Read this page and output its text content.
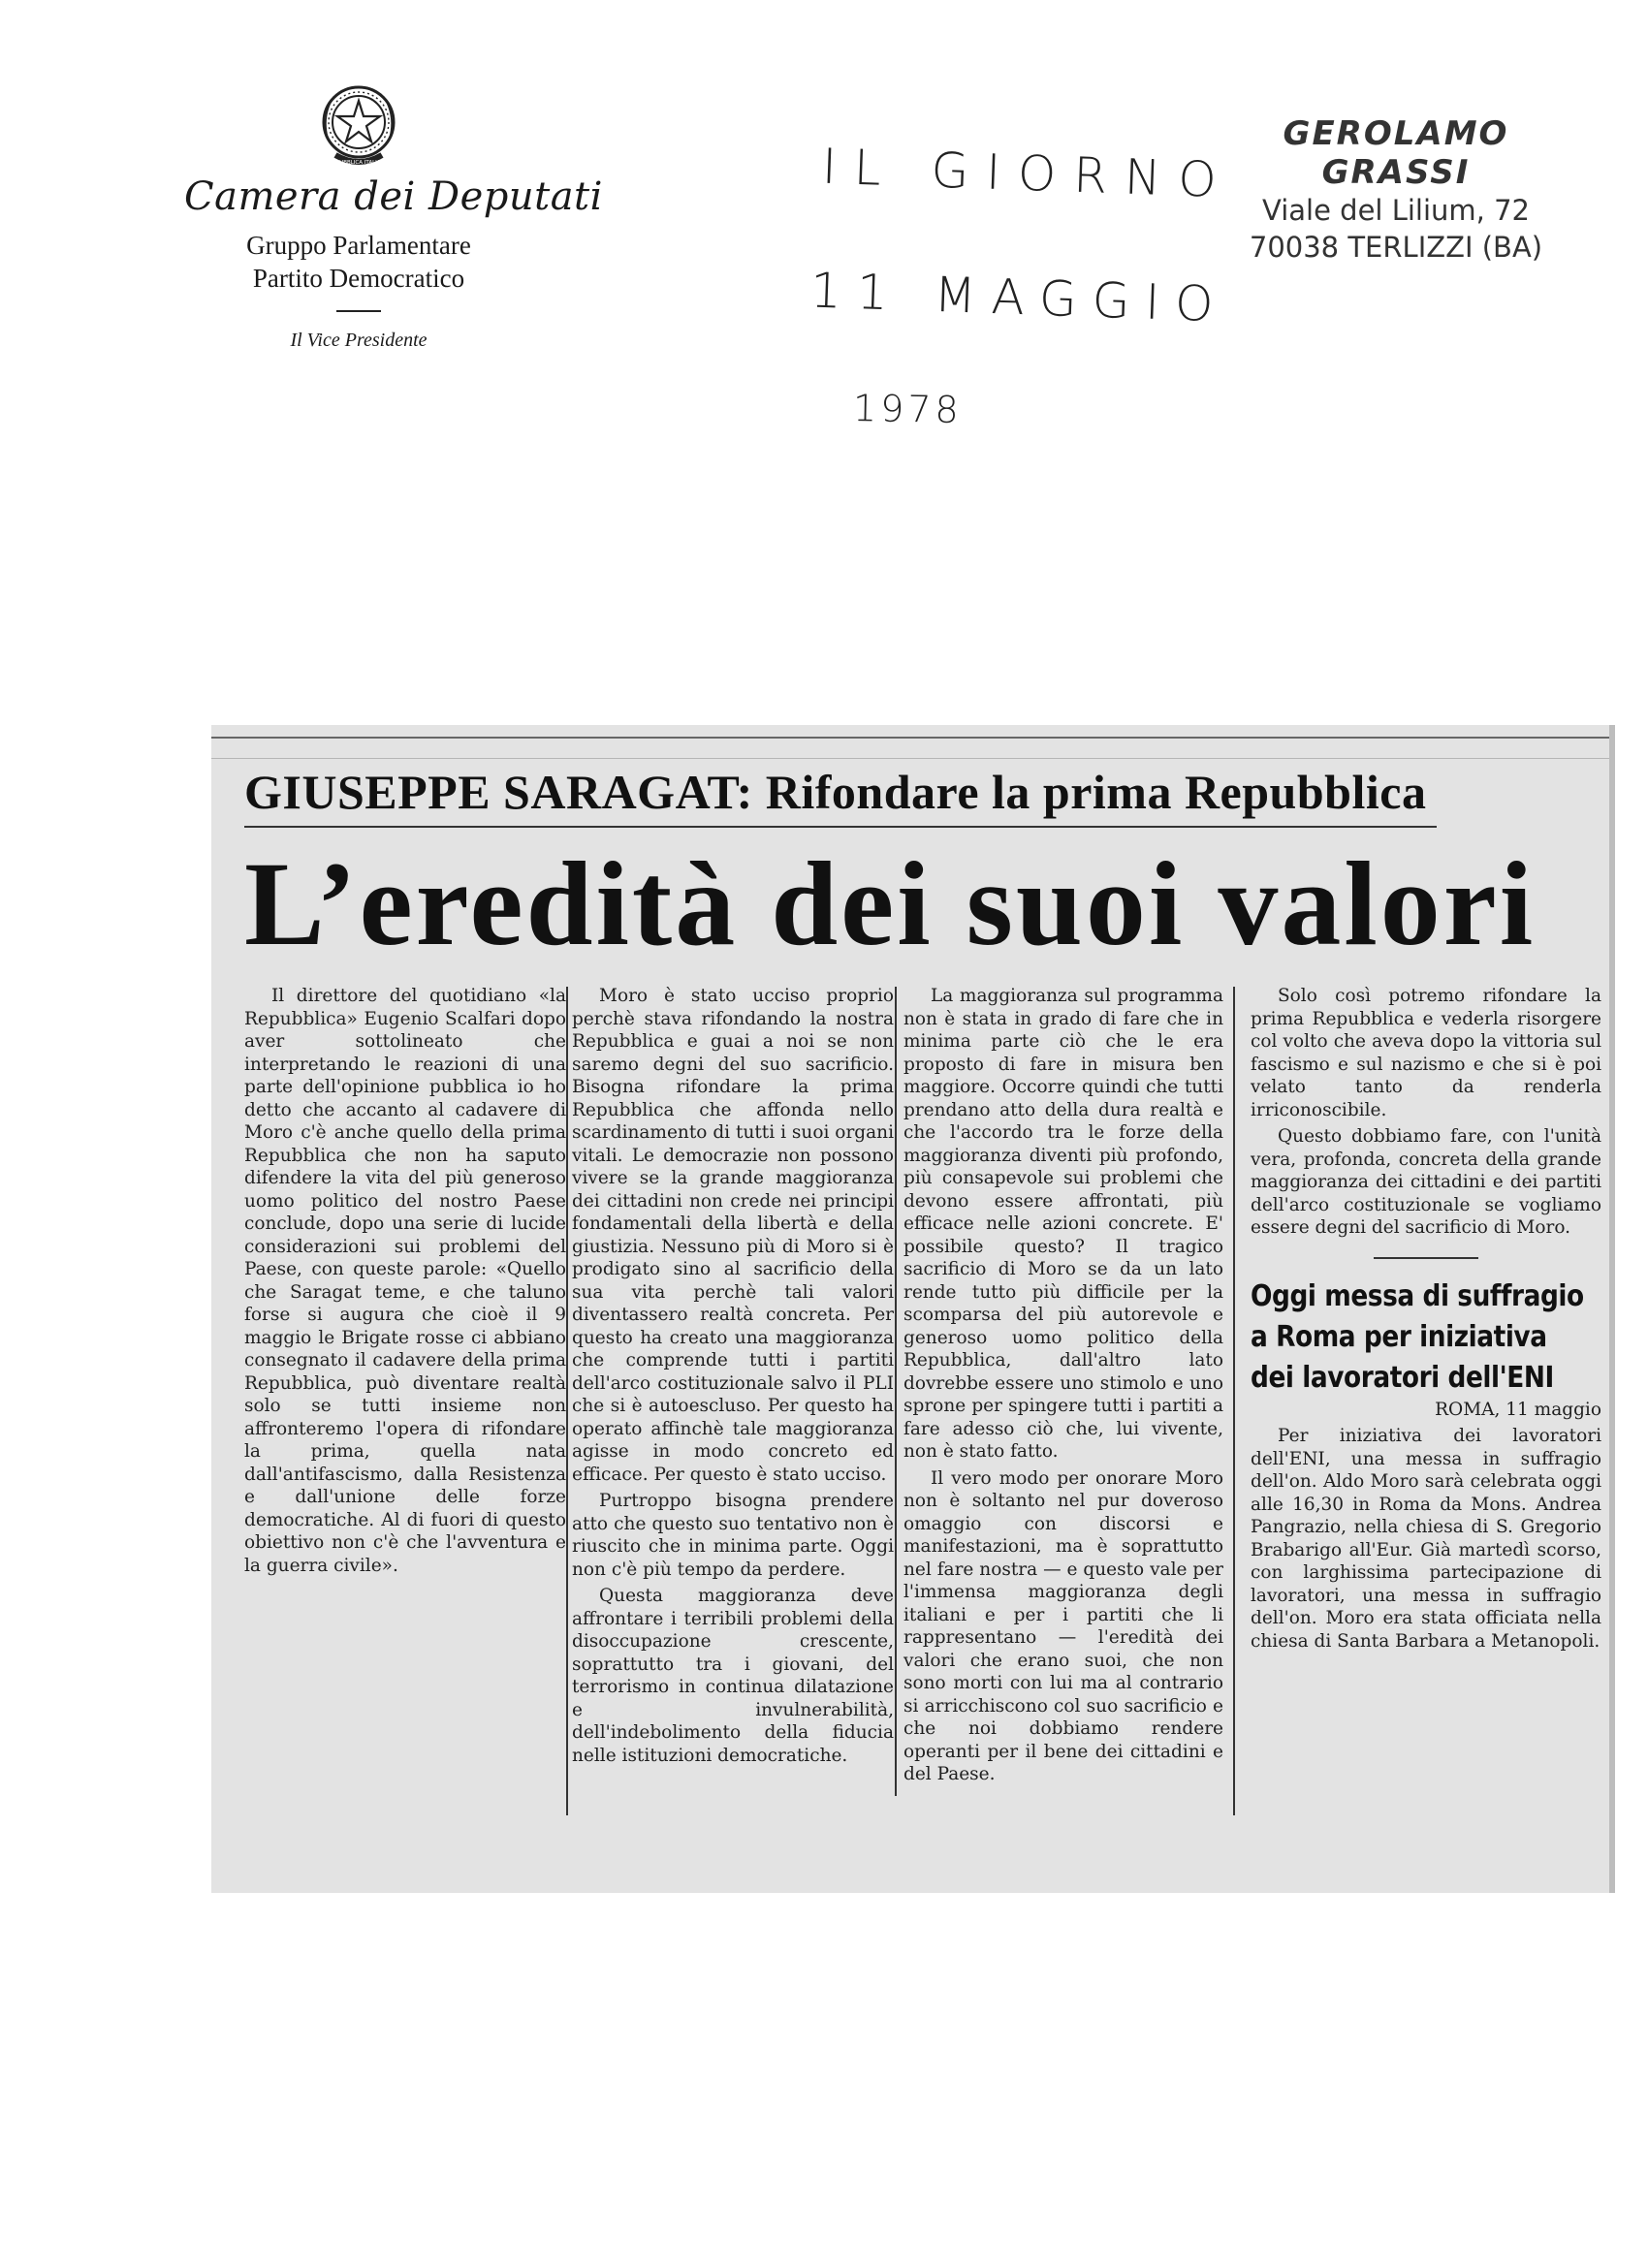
REPUBBLICA ITALIANA
Camera dei Deputati
Gruppo Parlamentare
Partito Democratico
Il Vice Presidente
IL GIORNO
11 MAGGIO
1978
GEROLAMO GRASSI
Viale del Lilium, 72
70038 TERLIZZI (BA)
GIUSEPPE SARAGAT: Rifondare la prima Repubblica
L’eredità dei suoi valori

Il direttore del quotidiano «la Repubblica» Eugenio Scalfari dopo aver sottolineato che interpretando le reazioni di una parte dell'opinione pubblica io ho detto che accanto al cadavere di Moro c'è anche quello della prima Repubblica che non ha saputo difendere la vita del più generoso uomo politico del nostro Paese conclude, dopo una serie di lucide considerazioni sui problemi del Paese, con queste parole: «Quello che Saragat teme, e che taluno forse si augura che cioè il 9 maggio le Brigate rosse ci abbiano consegnato il cadavere della prima Repubblica, può diventare realtà solo se tutti insieme non affronteremo l'opera di rifondare la prima, quella nata dall'antifascismo, dalla Resistenza e dall'unione delle forze democratiche. Al di fuori di questo obiettivo non c'è che l'avventura e la guerra civile».

Moro è stato ucciso proprio perchè stava rifondando la nostra Repubblica e guai a noi se non saremo degni del suo sacrificio. Bisogna rifondare la prima Repubblica che affonda nello scardinamento di tutti i suoi organi vitali. Le democrazie non possono vivere se la grande maggioranza dei cittadini non crede nei principi fondamentali della libertà e della giustizia. Nessuno più di Moro si è prodigato sino al sacrificio della sua vita perchè tali valori diventassero realtà concreta. Per questo ha creato una maggioranza che comprende tutti i partiti dell'arco costituzionale salvo il PLI che si è autoescluso. Per questo ha operato affinchè tale maggioranza agisse in modo concreto ed efficace. Per questo è stato ucciso.

Purtroppo bisogna prendere atto che questo suo tentativo non è riuscito che in minima parte. Oggi non c'è più tempo da perdere.

Questa maggioranza deve affrontare i terribili problemi della disoccupazione crescente, soprattutto tra i giovani, del terrorismo in continua dilatazione e invulnerabilità, dell'indebolimento della fiducia nelle istituzioni democratiche.

La maggioranza sul programma non è stata in grado di fare che in minima parte ciò che le era proposto di fare in misura ben maggiore. Occorre quindi che tutti prendano atto della dura realtà e che l'accordo tra le forze della maggioranza diventi più profondo, più consapevole sui problemi che devono essere affrontati, più efficace nelle azioni concrete. E' possibile questo? Il tragico sacrificio di Moro se da un lato rende tutto più difficile per la scomparsa del più autorevole e generoso uomo politico della Repubblica, dall'altro lato dovrebbe essere uno stimolo e uno sprone per spingere tutti i partiti a fare adesso ciò che, lui vivente, non è stato fatto.

Il vero modo per onorare Moro non è soltanto nel pur doveroso omaggio con discorsi e manifestazioni, ma è soprattutto nel fare nostra — e questo vale per l'immensa maggioranza degli italiani e per i partiti che li rappresentano — l'eredità dei valori che erano suoi, che non sono morti con lui ma al contrario si arricchiscono col suo sacrificio e che noi dobbiamo rendere operanti per il bene dei cittadini e del Paese.

Solo così potremo rifondare la prima Repubblica e vederla risorgere col volto che aveva dopo la vittoria sul fascismo e sul nazismo e che si è poi velato tanto da renderla irriconoscibile.

Questo dobbiamo fare, con l'unità vera, profonda, concreta della grande maggioranza dei cittadini e dei partiti dell'arco costituzionale se vogliamo essere degni del sacrificio di Moro.

Oggi messa di suffragio
a Roma per iniziativa
dei lavoratori dell'ENI

ROMA, 11 maggio

Per iniziativa dei lavoratori dell'ENI, una messa in suffragio dell'on. Aldo Moro sarà celebrata oggi alle 16,30 in Roma da Mons. Andrea Pangrazio, nella chiesa di S. Gregorio Brabarigo all'Eur. Già martedì scorso, con larghissima partecipazione di lavoratori, una messa in suffragio dell'on. Moro era stata officiata nella chiesa di Santa Barbara a Metanopoli.
